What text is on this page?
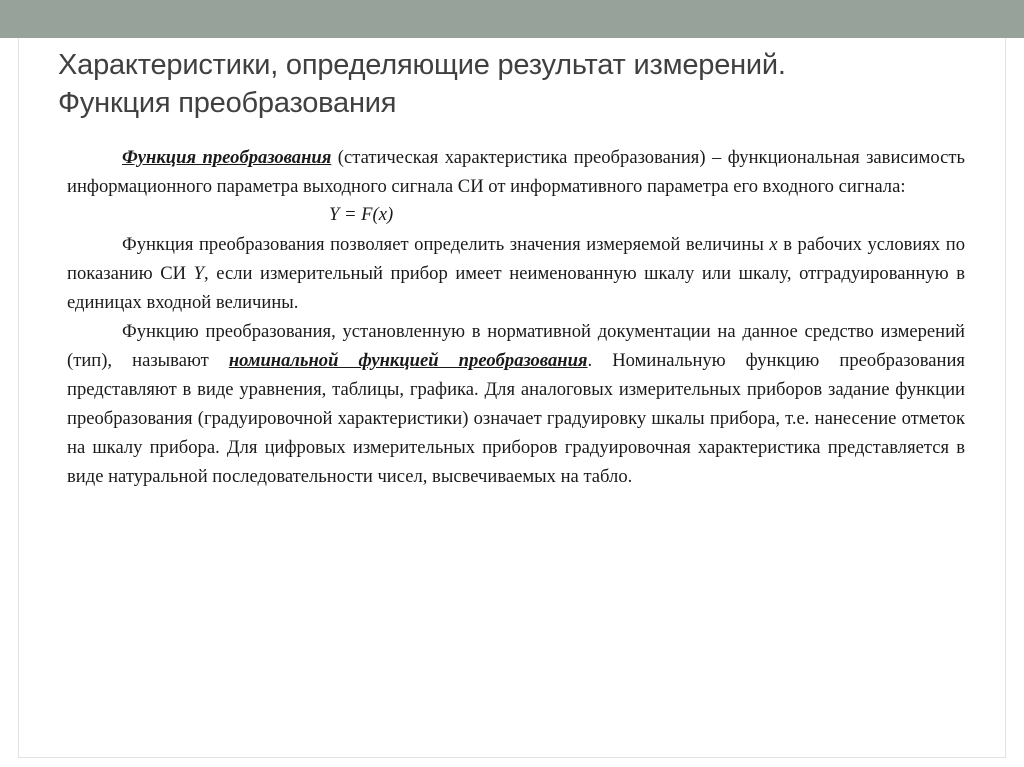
Характеристики, определяющие результат измерений.
Функция преобразования

Функция преобразования (статическая характеристика преобразования) – функциональная зависимость информационного параметра выходного сигнала СИ от информативного параметра его входного сигнала:

Y = F(x)

Функция преобразования позволяет определить значения измеряемой величины x в рабочих условиях по показанию СИ Y, если измерительный прибор имеет неименованную шкалу или шкалу, отградуированную в единицах входной величины.

Функцию преобразования, установленную в нормативной документации на данное средство измерений (тип), называют номинальной функцией преобразования. Номинальную функцию преобразования представляют в виде уравнения, таблицы, графика. Для аналоговых измерительных приборов задание функции преобразования (градуировочной характеристики) означает градуировку шкалы прибора, т.е. нанесение отметок на шкалу прибора. Для цифровых измерительных приборов градуировочная характеристика представляется в виде натуральной последовательности чисел, высвечиваемых на табло.
